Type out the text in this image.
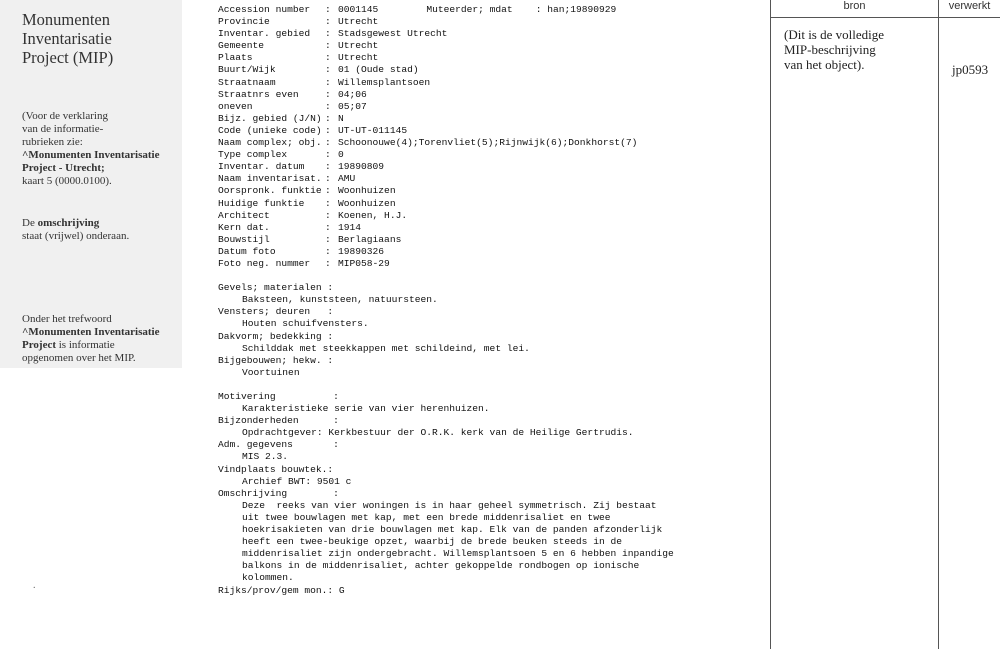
Monumenten
Inventarisatie
Project (MIP)
(Voor de verklaring
van de informatie-
rubrieken zie:
^Monumenten Inventarisatie
Project - Utrecht;
kaart 5 (0000.0100).
De omschrijving
staat (vrijwel) onderaan.
Onder het trefwoord
^Monumenten Inventarisatie
Project is informatie
opgenomen over het MIP.
.
Accession number : 0001145	Muteerder; mdat    : han;19890929
Provincie	: Utrecht
Inventar. gebied : Stadsgewest Utrecht
Gemeente	: Utrecht
Plaats	: Utrecht
Buurt/Wijk	: 01 (Oude stad)
Straatnaam	: Willemsplantsoen
Straatnrs even	: 04;06
oneven	: 05;07
Bijz. gebied (J/N) : N
Code (unieke code) : UT-UT-011145
Naam complex; obj. : Schoonouwe(4);Torenvliet(5);Rijnwijk(6);Donkhorst(7)
Type complex	: 0
Inventar. datum : 19890809
Naam inventarisat. : AMU
Oorspronk. funktie : Woonhuizen
Huidige funktie : Woonhuizen
Architect	: Koenen, H.J.
Kern dat.	: 1914
Bouwstijl	: Berlagiaans
Datum foto	: 19890326
Foto neg. nummer : MIP058-29
Gevels; materialen :
Baksteen, kunststeen, natuursteen.
Vensters; deuren   :
Houten schuifvensters.
Dakvorm; bedekking :
Schilddak met steekkappen met schildeind, met lei.
Bijgebouwen; hekw. :
Voortuinen
Motivering          :
Karakteristieke serie van vier herenhuizen.
Bijzonderheden      :
Opdrachtgever: Kerkbestuur der O.R.K. kerk van de Heilige Gertrudis.
Adm. gegevens       :
MIS 2.3.
Vindplaats bouwtek.:
Archief BWT: 9501 c
Omschrijving        :
Deze  reeks van vier woningen is in haar geheel symmetrisch. Zij bestaat
uit twee bouwlagen met kap, met een brede middenrisaliet en twee
hoekrisakieten van drie bouwlagen met kap. Elk van de panden afzonderlijk
heeft een twee-beukige opzet, waarbij de brede beuken steeds in de
middenrisaliet zijn ondergebracht. Willemsplantsoen 5 en 6 hebben inpandige
balkons in de middenrisaliet, achter gekoppelde rondbogen op ionische
kolommen.
Rijks/prov/gem mon.: G
bron	verwerkt
(Dit is de volledige
MIP-beschrijving
van het object).	jp0593
